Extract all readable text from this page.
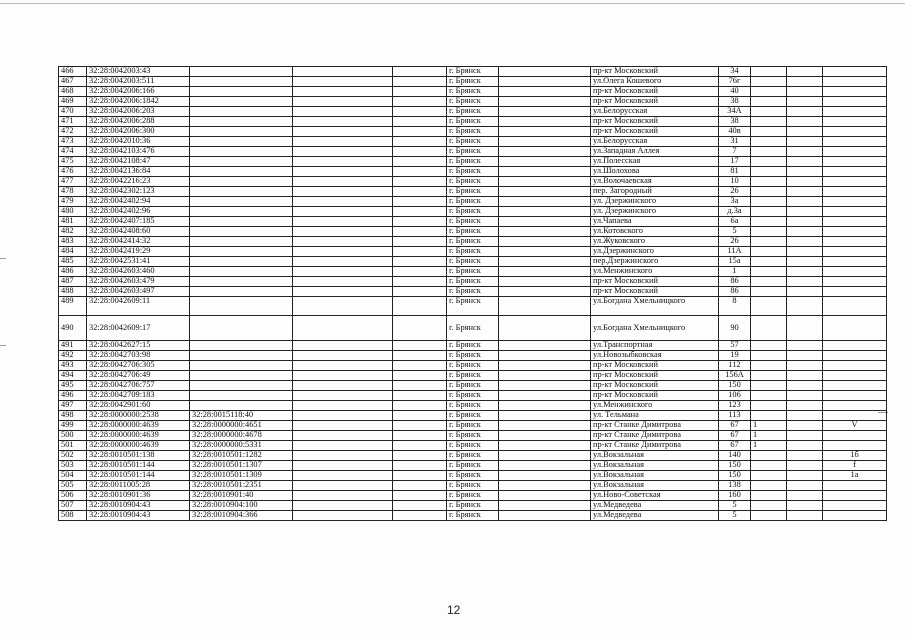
466	32:28:0042003:43				г. Брянск		пр-кт Московский	34			
467	32:28:0042003:511				г. Брянск		ул.Олега Кошевого	76г			
468	32:28:0042006:166				г. Брянск		пр-кт Московский	40			
469	32:28:0042006:1842				г. Брянск		пр-кт Московский	38			
470	32:28:0042006:203				г. Брянск		ул.Белорусская	34А			
471	32:28:0042006:288				г. Брянск		пр-кт Московский	38			
472	32:28:0042006:300				г. Брянск		пр-кт Московский	40в			
473	32:28:0042010:36				г. Брянск		ул.Белорусская	31			
474	32:28:0042103:476				г. Брянск		ул.Западная Аллея	7			
475	32:28:0042108:47				г. Брянск		ул.Полесская	17			
476	32:28:0042136:84				г. Брянск		ул.Шолохова	81			
477	32:28:0042216:23				г. Брянск		ул.Волочаевская	10			
478	32:28:0042302:123				г. Брянск		пер. Загородный	26			
479	32:28:0042402:94				г. Брянск		ул. Дзержинского	3а			
480	32:28:0042402:96				г. Брянск		ул. Дзержинского	д.3а			
481	32:28:0042407:185				г. Брянск		ул.Чапаева	6а			
482	32:28:0042408:60				г. Брянск		ул.Котовского	5			
483	32:28:0042414:32				г. Брянск		ул.Жуковского	26			
484	32:28:0042419:29				г. Брянск		ул.Дзержинского	11А			
485	32:28:0042531:41				г. Брянск		пер.Дзержинского	15а			
486	32:28:0042603:460				г. Брянск		ул.Менжинского	1			
487	32:28:0042603:479				г. Брянск		пр-кт Московский	86			
488	32:28:0042603:497				г. Брянск		пр-кт Московский	86			
489	32:28:0042609:11				г. Брянск		ул.Богдана Хмельницкого	8			
490	32:28:0042609:17				г. Брянск		ул.Богдана Хмельницкого	90			
491	32:28:0042627:15				г. Брянск		ул.Транспортная	57			
492	32:28:0042703:98				г. Брянск		ул.Новозыбковская	19			
493	32:28:0042706:305				г. Брянск		пр-кт Московский	112			
494	32:28:0042706:49				г. Брянск		пр-кт Московский	156А			
495	32:28:0042706:757				г. Брянск		пр-кт Московский	150			
496	32:28:0042709:183				г. Брянск		пр-кт Московский	106			
497	32:28:0042901:60				г. Брянск		ул.Менжинского	123			
498	32:28:0000000:2538	32:28:0015118:40			г. Брянск		ул. Тельмана	113			
499	32:28:0000000:4639	32:28:0000000:4651			г. Брянск		пр-кт Станке Димитрова	67	1		V
500	32:28:0000000:4639	32:28:0000000:4678			г. Брянск		пр-кт Станке Димитрова	67	1		
501	32:28:0000000:4639	32:28:0000000:5331			г. Брянск		пр-кт Станке Димитрова	67	1		
502	32:28:0010501:138	32:28:0010501:1282			г. Брянск		ул.Вокзальная	140			1б
503	32:28:0010501:144	32:28:0010501:1307			г. Брянск		ул.Вокзальная	150			f
504	32:28:0010501:144	32:28:0010501:1309			г. Брянск		ул.Вокзальная	150			1а
505	32:28:0011005:28	32:28:0010501:2351			г. Брянск		ул.Вокзальная	138			
506	32:28:0010901:36	32:28:0010901:40			г. Брянск		ул.Ново-Советская	160			
507	32:28:0010904:43	32:28:0010904:100			г. Брянск		ул.Медведева	5			
508	32:28:0010904:43	32:28:0010904:366			г. Брянск		ул.Медведева	5			
12
